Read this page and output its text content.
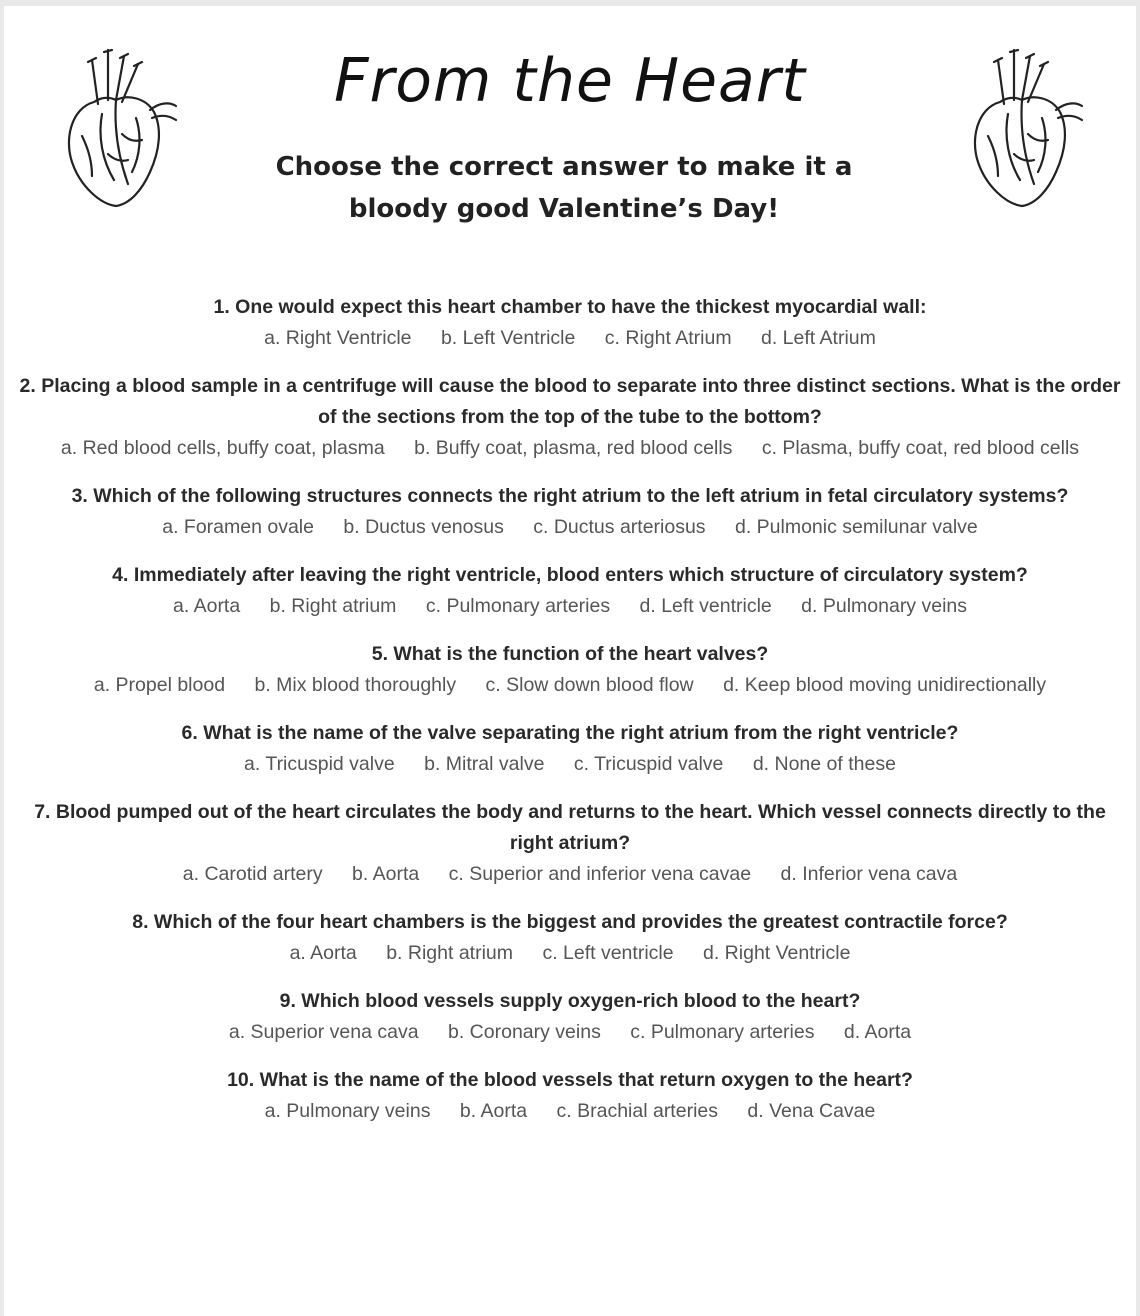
From the Heart
Choose the correct answer to make it a
bloody good Valentine’s Day!
1. One would expect this heart chamber to have the thickest myocardial wall:
a. Right Ventricle b. Left Ventricle c. Right Atrium d. Left Atrium
2. Placing a blood sample in a centrifuge will cause the blood to separate into three distinct sections. What is the order of the sections from the top of the tube to the bottom?
a. Red blood cells, buffy coat, plasma b. Buffy coat, plasma, red blood cells c. Plasma, buffy coat, red blood cells
3. Which of the following structures connects the right atrium to the left atrium in fetal circulatory systems?
a. Foramen ovale b. Ductus venosus c. Ductus arteriosus d. Pulmonic semilunar valve
4. Immediately after leaving the right ventricle, blood enters which structure of circulatory system?
a. Aorta b. Right atrium c. Pulmonary arteries d. Left ventricle d. Pulmonary veins
5. What is the function of the heart valves?
a. Propel blood b. Mix blood thoroughly c. Slow down blood flow d. Keep blood moving unidirectionally
6. What is the name of the valve separating the right atrium from the right ventricle?
a. Tricuspid valve b. Mitral valve c. Tricuspid valve d. None of these
7. Blood pumped out of the heart circulates the body and returns to the heart. Which vessel connects directly to the right atrium?
a. Carotid artery b. Aorta c. Superior and inferior vena cavae d. Inferior vena cava
8. Which of the four heart chambers is the biggest and provides the greatest contractile force?
a. Aorta b. Right atrium c. Left ventricle d. Right Ventricle
9. Which blood vessels supply oxygen-rich blood to the heart?
a. Superior vena cava b. Coronary veins c. Pulmonary arteries d. Aorta
10. What is the name of the blood vessels that return oxygen to the heart?
a. Pulmonary veins b. Aorta c. Brachial arteries d. Vena Cavae
